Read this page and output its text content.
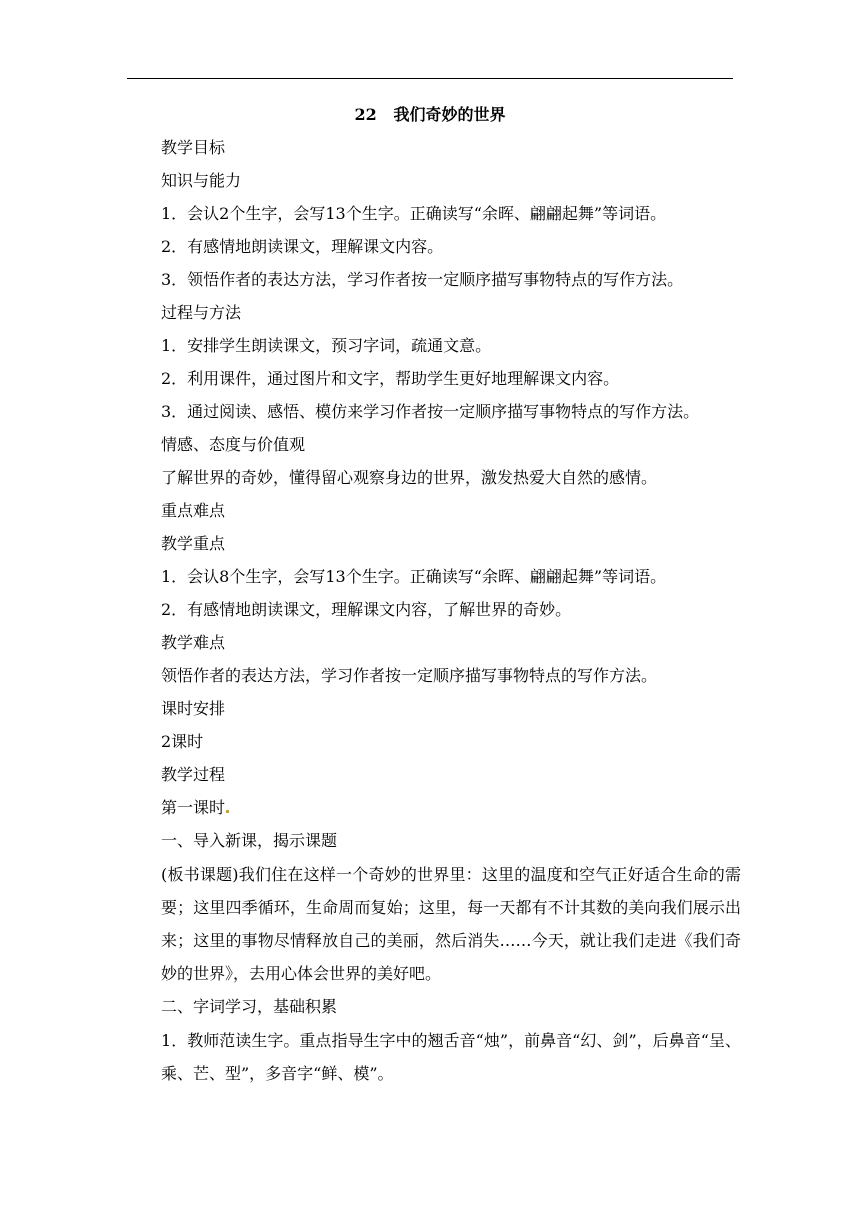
22   我们奇妙的世界
教学目标
知识与能力
1．会认2个生字，会写13个生字。正确读写“余晖、翩翩起舞”等词语。
2．有感情地朗读课文，理解课文内容。
3．领悟作者的表达方法，学习作者按一定顺序描写事物特点的写作方法。
过程与方法
1．安排学生朗读课文，预习字词，疏通文意。
2．利用课件，通过图片和文字，帮助学生更好地理解课文内容。
3．通过阅读、感悟、模仿来学习作者按一定顺序描写事物特点的写作方法。
情感、态度与价值观
了解世界的奇妙，懂得留心观察身边的世界，激发热爱大自然的感情。
重点难点
教学重点
1．会认8个生字，会写13个生字。正确读写“余晖、翩翩起舞”等词语。
2．有感情地朗读课文，理解课文内容，了解世界的奇妙。
教学难点
领悟作者的表达方法，学习作者按一定顺序描写事物特点的写作方法。
课时安排
2课时
教学过程
第一课时
一、导入新课，揭示课题
(板书课题)我们住在这样一个奇妙的世界里：这里的温度和空气正好适合生命的需要；这里四季循环，生命周而复始；这里，每一天都有不计其数的美向我们展示出来；这里的事物尽情释放自己的美丽，然后消失……今天，就让我们走进《我们奇妙的世界》，去用心体会世界的美好吧。
二、字词学习，基础积累
1．教师范读生字。重点指导生字中的翘舌音“烛”，前鼻音“幻、剑”，后鼻音“呈、乘、芒、型”，多音字“鲜、模”。
